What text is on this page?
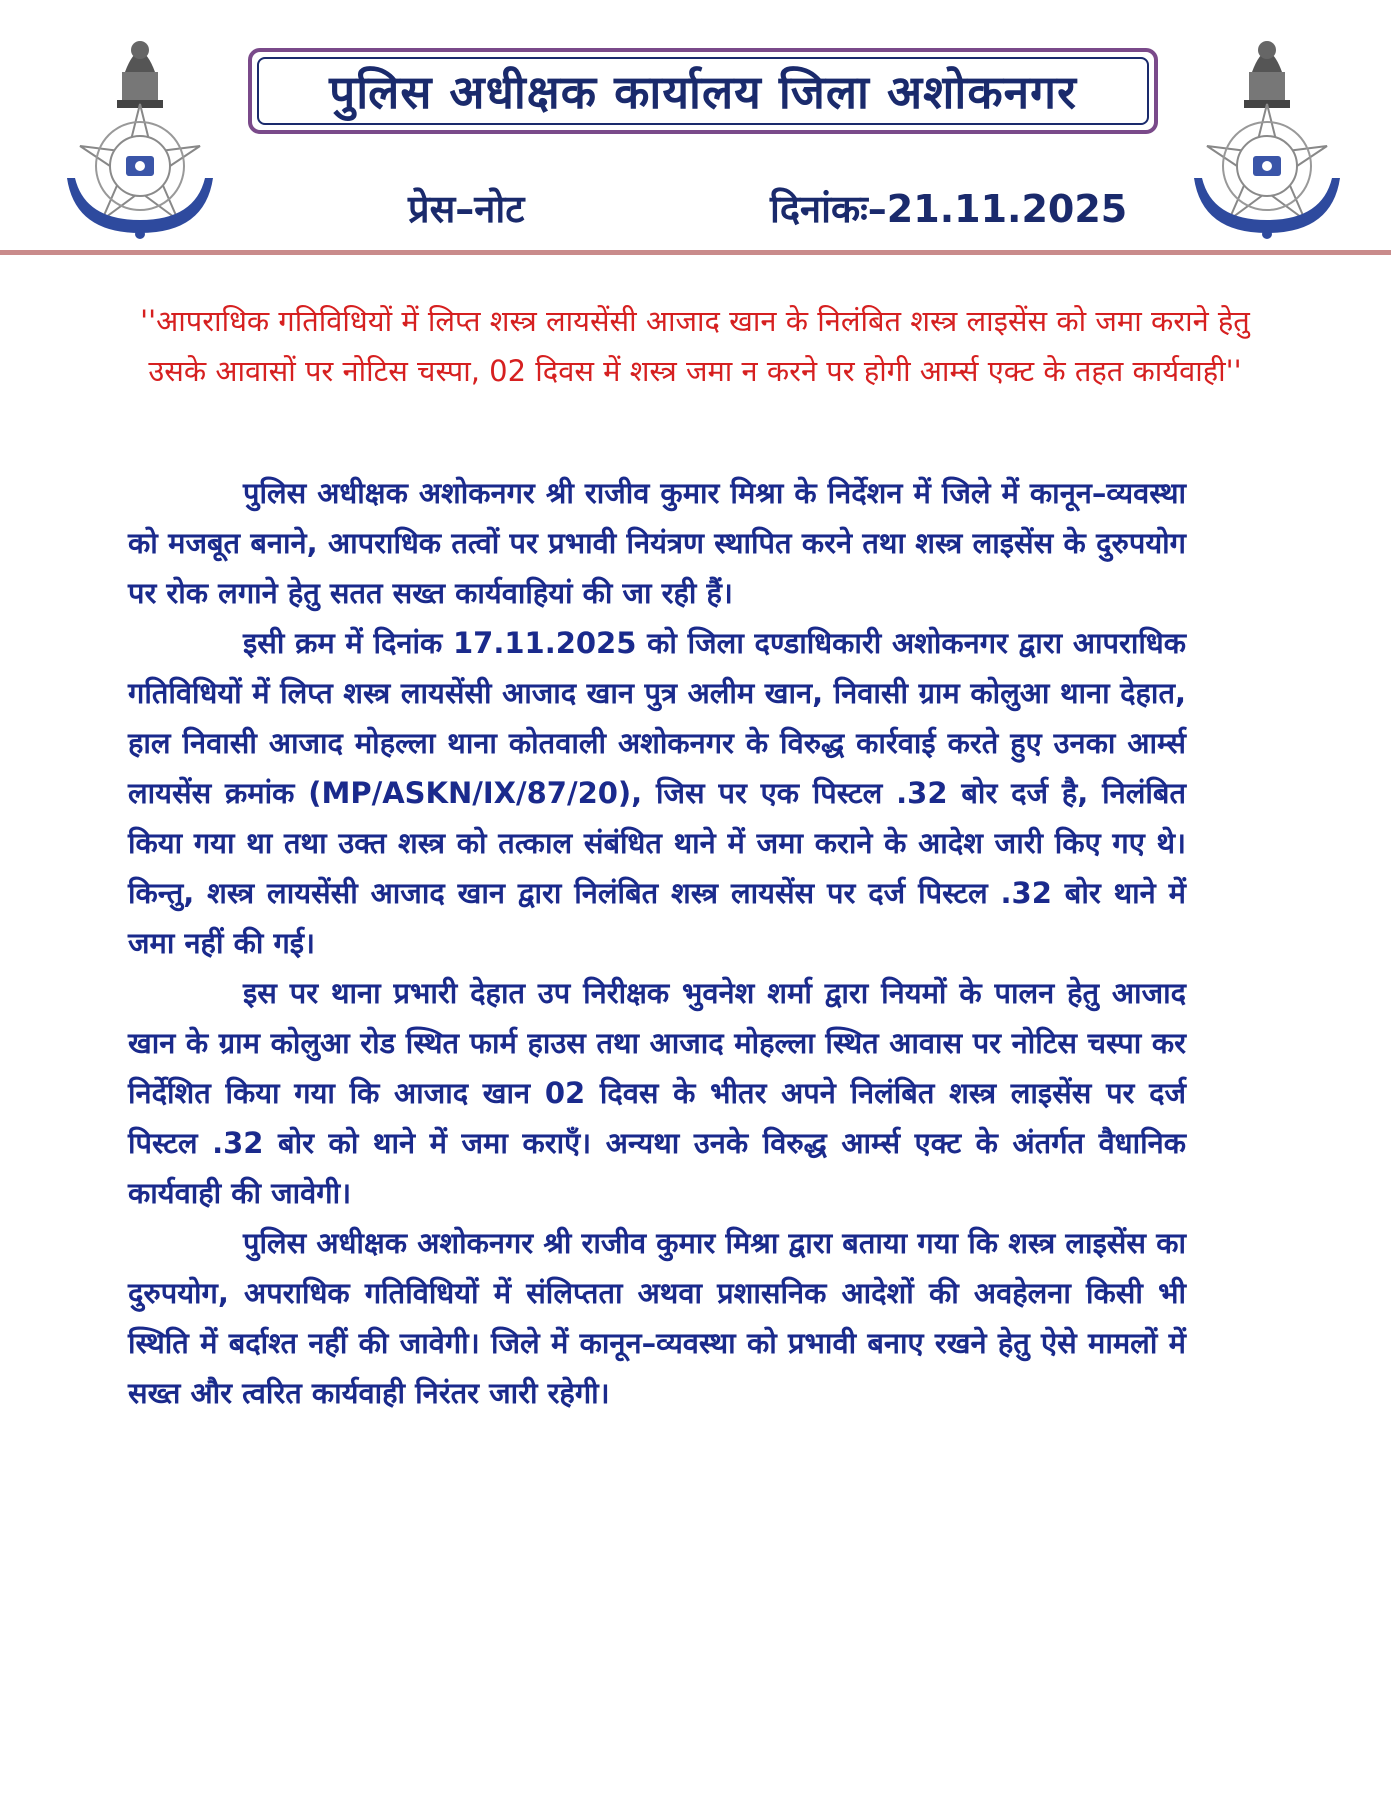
पुलिस अधीक्षक कार्यालय जिला अशोकनगर
प्रेस–नोट	दिनांकः–21.11.2025
''आपराधिक गतिविधियों में लिप्त शस्त्र लायसेंसी आजाद खान के निलंबित शस्त्र लाइसेंस को जमा कराने हेतु उसके आवासों पर नोटिस चस्पा, 02 दिवस में शस्त्र जमा न करने पर होगी आर्म्स एक्ट के तहत कार्यवाही''

पुलिस अधीक्षक अशोकनगर श्री राजीव कुमार मिश्रा के निर्देशन में जिले में कानून–व्यवस्था को मजबूत बनाने, आपराधिक तत्वों पर प्रभावी नियंत्रण स्थापित करने तथा शस्त्र लाइसेंस के दुरुपयोग पर रोक लगाने हेतु सतत सख्त कार्यवाहियां की जा रही हैं।

इसी क्रम में दिनांक 17.11.2025 को जिला दण्डाधिकारी अशोकनगर द्वारा आपराधिक गतिविधियों में लिप्त शस्त्र लायसेंसी आजाद खान पुत्र अलीम खान, निवासी ग्राम कोलुआ थाना देहात, हाल निवासी आजाद मोहल्ला थाना कोतवाली अशोकनगर के विरुद्ध कार्रवाई करते हुए उनका आर्म्स लायसेंस क्रमांक (MP/ASKN/IX/87/20), जिस पर एक पिस्टल .32 बोर दर्ज है, निलंबित किया गया था तथा उक्त शस्त्र को तत्काल संबंधित थाने में जमा कराने के आदेश जारी किए गए थे। किन्तु, शस्त्र लायसेंसी आजाद खान द्वारा निलंबित शस्त्र लायसेंस पर दर्ज पिस्टल .32 बोर थाने में जमा नहीं की गई।

इस पर थाना प्रभारी देहात उप निरीक्षक भुवनेश शर्मा द्वारा नियमों के पालन हेतु आजाद खान के ग्राम कोलुआ रोड स्थित फार्म हाउस तथा आजाद मोहल्ला स्थित आवास पर नोटिस चस्पा कर निर्देशित किया गया कि आजाद खान 02 दिवस के भीतर अपने निलंबित शस्त्र लाइसेंस पर दर्ज पिस्टल .32 बोर को थाने में जमा कराएँ। अन्यथा उनके विरुद्ध आर्म्स एक्ट के अंतर्गत वैधानिक कार्यवाही की जावेगी।

पुलिस अधीक्षक अशोकनगर श्री राजीव कुमार मिश्रा द्वारा बताया गया कि शस्त्र लाइसेंस का दुरुपयोग, अपराधिक गतिविधियों में संलिप्तता अथवा प्रशासनिक आदेशों की अवहेलना किसी भी स्थिति में बर्दाश्त नहीं की जावेगी। जिले में कानून–व्यवस्था को प्रभावी बनाए रखने हेतु ऐसे मामलों में सख्त और त्वरित कार्यवाही निरंतर जारी रहेगी।
